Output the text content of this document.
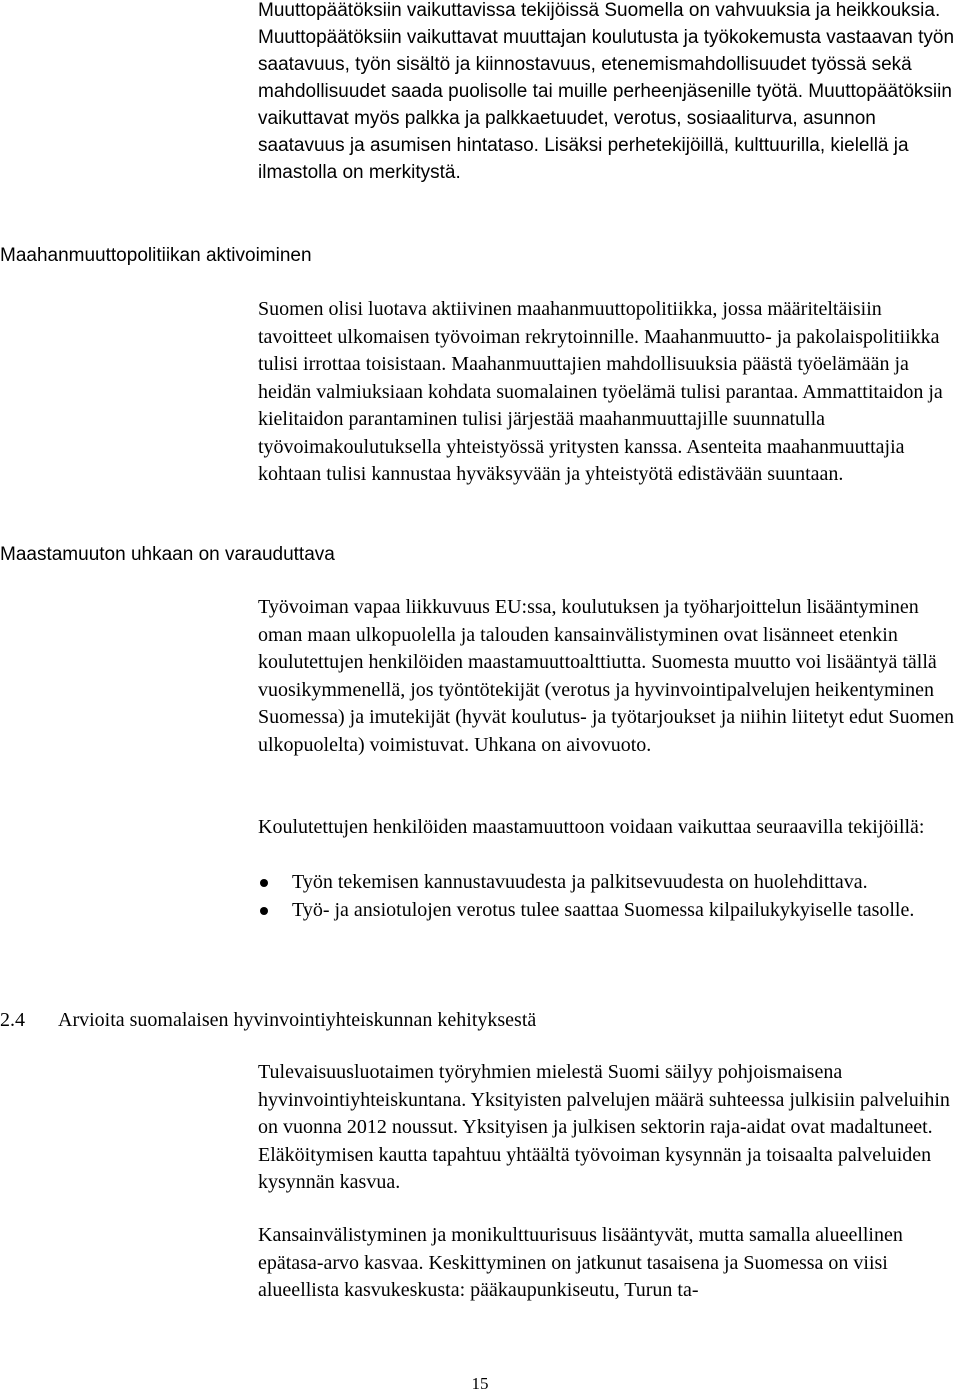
Muuttopäätöksiin vaikuttavissa tekijöissä Suomella on vahvuuksia ja heikkouksia. Muuttopäätöksiin vaikuttavat muuttajan koulutusta ja työkokemusta vastaavan työn saatavuus, työn sisältö ja kiinnostavuus, etenemismahdollisuudet työssä sekä mahdollisuudet saada puolisolle tai muille perheenjäsenille työtä. Muuttopäätöksiin vaikuttavat myös palkka ja palkkaetuudet, verotus, sosiaaliturva, asunnon saatavuus ja asumisen hintataso. Lisäksi perhetekijöillä, kulttuurilla, kielellä ja ilmastolla on merkitystä.

Maahanmuuttopolitiikan aktivoiminen

Suomen olisi luotava aktiivinen maahanmuuttopolitiikka, jossa määriteltäisiin tavoitteet ulkomaisen työvoiman rekrytoinnille. Maahanmuutto- ja pakolaispolitiikka tulisi irrottaa toisistaan. Maahanmuuttajien mahdollisuuksia päästä työelämään ja heidän valmiuksiaan kohdata suomalainen työelämä tulisi parantaa. Ammattitaidon ja kielitaidon parantaminen tulisi järjestää maahanmuuttajille suunnatulla työvoimakoulutuksella yhteistyössä yritysten kanssa. Asenteita maahanmuuttajia kohtaan tulisi kannustaa hyväksyvään ja yhteistyötä edistävään suuntaan.

Maastamuuton uhkaan on varauduttava

Työvoiman vapaa liikkuvuus EU:ssa, koulutuksen ja työharjoittelun lisääntyminen oman maan ulkopuolella ja talouden kansainvälistyminen ovat lisänneet etenkin koulutettujen henkilöiden maastamuuttoalttiutta. Suomesta muutto voi lisääntyä tällä vuosikymmenellä, jos työntötekijät (verotus ja hyvinvointipalvelujen heikentyminen Suomessa) ja imutekijät (hyvät koulutus- ja työtarjoukset ja niihin liitetyt edut Suomen ulkopuolelta) voimistuvat. Uhkana on aivovuoto.

Koulutettujen henkilöiden maastamuuttoon voidaan vaikuttaa seuraavilla tekijöillä:

Työn tekemisen kannustavuudesta ja palkitsevuudesta on huolehdittava.
Työ- ja ansiotulojen verotus tulee saattaa Suomessa kilpailukykyiselle tasolle.

2.4 Arvioita suomalaisen hyvinvointiyhteiskunnan kehityksestä

Tulevaisuusluotaimen työryhmien mielestä Suomi säilyy pohjoismaisena hyvinvointiyhteiskuntana. Yksityisten palvelujen määrä suhteessa julkisiin palveluihin on vuonna 2012 noussut. Yksityisen ja julkisen sektorin raja-aidat ovat madaltuneet. Eläköitymisen kautta tapahtuu yhtäältä työvoiman kysynnän ja toisaalta palveluiden kysynnän kasvua.

Kansainvälistyminen ja monikulttuurisuus lisääntyvät, mutta samalla alueellinen epätasa-arvo kasvaa. Keskittyminen on jatkunut tasaisena ja Suomessa on viisi alueellista kasvukeskusta: pääkaupunkiseutu, Turun ta-

15
